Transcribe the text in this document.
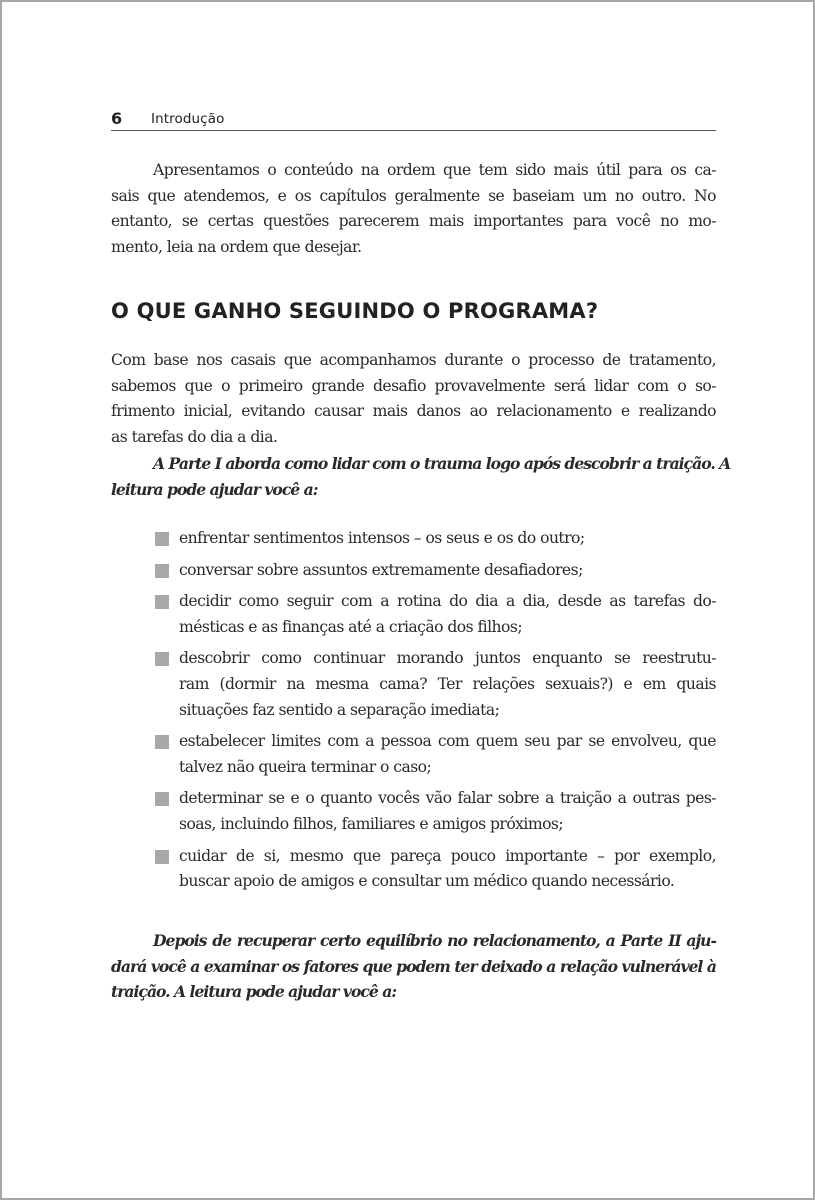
6 Introdução

Apresentamos o conteúdo na ordem que tem sido mais útil para os ca-
sais que atendemos, e os capítulos geralmente se baseiam um no outro. No
entanto, se certas questões parecerem mais importantes para você no mo-
mento, leia na ordem que desejar.

O QUE GANHO SEGUINDO O PROGRAMA?

Com base nos casais que acompanhamos durante o processo de tratamento,
sabemos que o primeiro grande desafio provavelmente será lidar com o so-
frimento inicial, evitando causar mais danos ao relacionamento e realizando
as tarefas do dia a dia.

A Parte I aborda como lidar com o trauma logo após descobrir a traição. A
leitura pode ajudar você a:

enfrentar sentimentos intensos – os seus e os do outro;
conversar sobre assuntos extremamente desafiadores;
decidir como seguir com a rotina do dia a dia, desde as tarefas do-
mésticas e as finanças até a criação dos filhos;
descobrir como continuar morando juntos enquanto se reestrutu-
ram (dormir na mesma cama? Ter relações sexuais?) e em quais
situações faz sentido a separação imediata;
estabelecer limites com a pessoa com quem seu par se envolveu, que
talvez não queira terminar o caso;
determinar se e o quanto vocês vão falar sobre a traição a outras pes-
soas, incluindo filhos, familiares e amigos próximos;
cuidar de si, mesmo que pareça pouco importante – por exemplo,
buscar apoio de amigos e consultar um médico quando necessário.

Depois de recuperar certo equilíbrio no relacionamento, a Parte II aju-
dará você a examinar os fatores que podem ter deixado a relação vulnerável à
traição. A leitura pode ajudar você a:
